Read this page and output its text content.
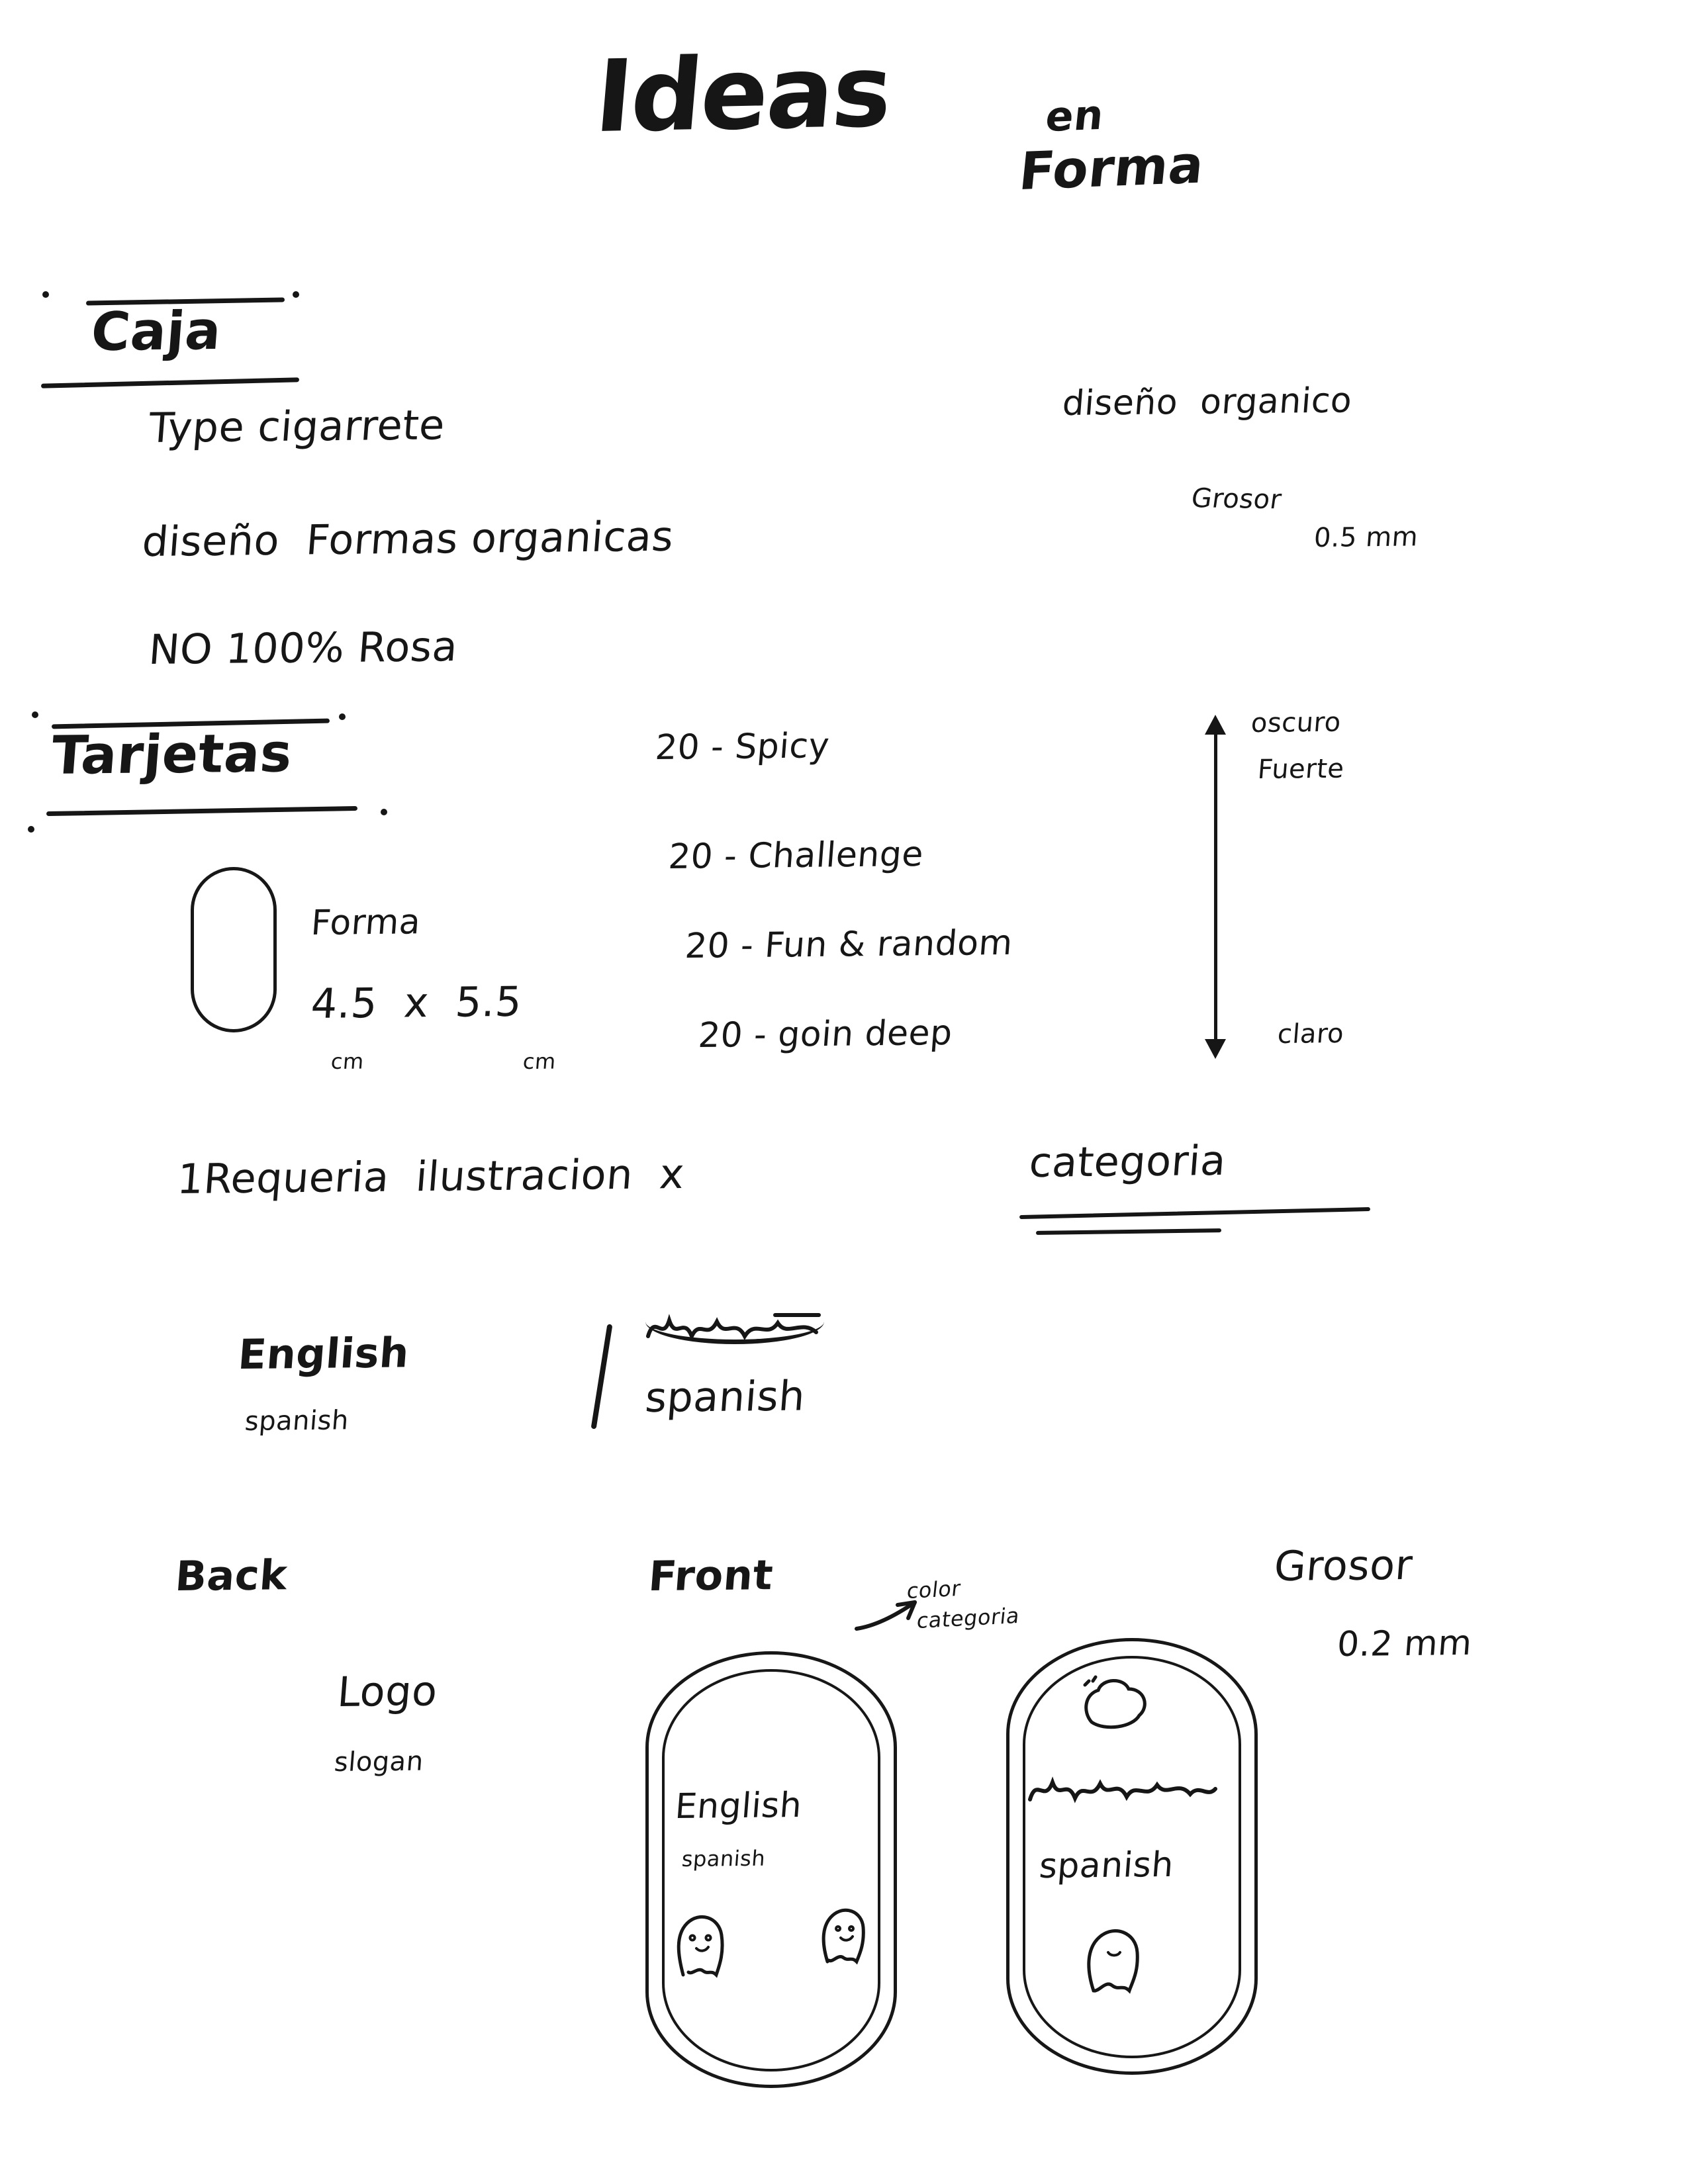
Ideas	en
Forma
Caja
Type cigarrete
diseño  Formas organicas
NO 100% Rosa
diseño  organico
Grosor
0.5 mm
Tarjetas
Forma
4.5  x  5.5
cm	cm
20 - Spicy
20 - Challenge
20 - Fun & random
20 - goin deep
oscuro
Fuerte
claro
1Requeria  ilustracion  x	categoria
English
spanish	spanish
Back
Logo
slogan
Front	color
categoria
Grosor
0.2 mm
English
spanish	spanish
